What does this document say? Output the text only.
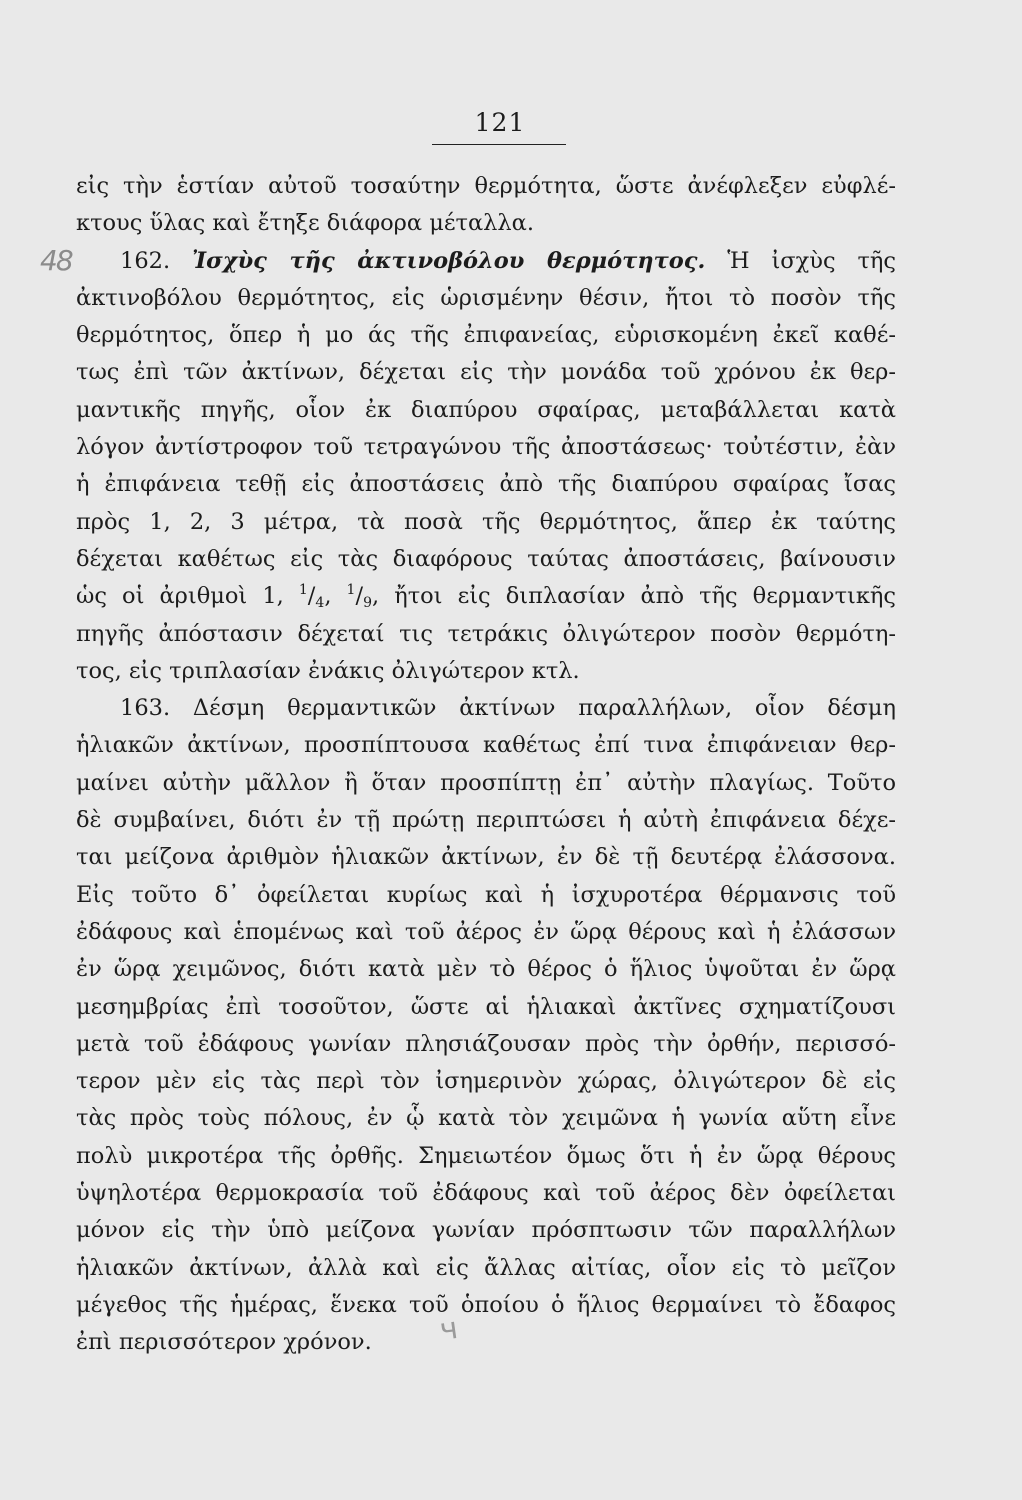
121
48
εἰς τὴν ἑστίαν αὐτοῦ τοσαύτην θερμότητα, ὥστε ἀνέφλεξεν εὐφλέ-
κτους ὕλας καὶ ἔτηξε διάφορα μέταλλα.
162. Ἰσχὺς τῆς ἀκτινοβόλου θερμότητος. Ἡ ἰσχὺς τῆς
ἀκτινοβόλου θερμότητος, εἰς ὡρισμένην θέσιν, ἤτοι τὸ ποσὸν τῆς
θερμότητος, ὅπερ ἡ μο άς τῆς ἐπιφανείας, εὑρισκομένη ἐκεῖ καθέ-
τως ἐπὶ τῶν ἀκτίνων, δέχεται εἰς τὴν μονάδα τοῦ χρόνου ἐκ θερ-
μαντικῆς πηγῆς, οἷον ἐκ διαπύρου σφαίρας, μεταβάλλεται κατὰ
λόγον ἀντίστροφον τοῦ τετραγώνου τῆς ἀποστάσεως· τοὐτέστιν, ἐὰν
ἡ ἐπιφάνεια τεθῇ εἰς ἀποστάσεις ἀπὸ τῆς διαπύρου σφαίρας ἴσας
πρὸς 1, 2, 3 μέτρα, τὰ ποσὰ τῆς θερμότητος, ἅπερ ἐκ ταύτης
δέχεται καθέτως εἰς τὰς διαφόρους ταύτας ἀποστάσεις, βαίνουσιν
ὡς οἱ ἀριθμοὶ 1, $^1/_4$, $^1/_9$, ἤτοι εἰς διπλασίαν ἀπὸ τῆς θερμαντικῆς
πηγῆς ἀπόστασιν δέχεταί τις τετράκις ὀλιγώτερον ποσὸν θερμότη-
τος, εἰς τριπλασίαν ἐνάκις ὀλιγώτερον κτλ.
163. Δέσμη θερμαντικῶν ἀκτίνων παραλλήλων, οἷον δέσμη
ἡλιακῶν ἀκτίνων, προσπίπτουσα καθέτως ἐπί τινα ἐπιφάνειαν θερ-
μαίνει αὐτὴν μᾶλλον ἢ ὅταν προσπίπτῃ ἐπ᾽ αὐτὴν πλαγίως. Τοῦτο
δὲ συμβαίνει, διότι ἐν τῇ πρώτῃ περιπτώσει ἡ αὐτὴ ἐπιφάνεια δέχε-
ται μείζονα ἀριθμὸν ἡλιακῶν ἀκτίνων, ἐν δὲ τῇ δευτέρᾳ ἐλάσσονα.
Εἰς τοῦτο δ᾽ ὀφείλεται κυρίως καὶ ἡ ἰσχυροτέρα θέρμανσις τοῦ
ἐδάφους καὶ ἑπομένως καὶ τοῦ ἀέρος ἐν ὥρᾳ θέρους καὶ ἡ ἐλάσσων
ἐν ὥρᾳ χειμῶνος, διότι κατὰ μὲν τὸ θέρος ὁ ἥλιος ὑψοῦται ἐν ὥρᾳ
μεσημβρίας ἐπὶ τοσοῦτον, ὥστε αἱ ἡλιακαὶ ἀκτῖνες σχηματίζουσι
μετὰ τοῦ ἐδάφους γωνίαν πλησιάζουσαν πρὸς τὴν ὀρθήν, περισσό-
τερον μὲν εἰς τὰς περὶ τὸν ἰσημερινὸν χώρας, ὀλιγώτερον δὲ εἰς
τὰς πρὸς τοὺς πόλους, ἐν ᾧ κατὰ τὸν χειμῶνα ἡ γωνία αὕτη εἶνε
πολὺ μικροτέρα τῆς ὀρθῆς. Σημειωτέον ὅμως ὅτι ἡ ἐν ὥρᾳ θέρους
ὑψηλοτέρα θερμοκρασία τοῦ ἐδάφους καὶ τοῦ ἀέρος δὲν ὀφείλεται
μόνον εἰς τὴν ὑπὸ μείζονα γωνίαν πρόσπτωσιν τῶν παραλλήλων
ἡλιακῶν ἀκτίνων, ἀλλὰ καὶ εἰς ἄλλας αἰτίας, οἷον εἰς τὸ μεῖζον
μέγεθος τῆς ἡμέρας, ἕνεκα τοῦ ὁποίου ὁ ἥλιος θερμαίνει τὸ ἔδαφος
ἐπὶ περισσότερον χρόνον.	ч
